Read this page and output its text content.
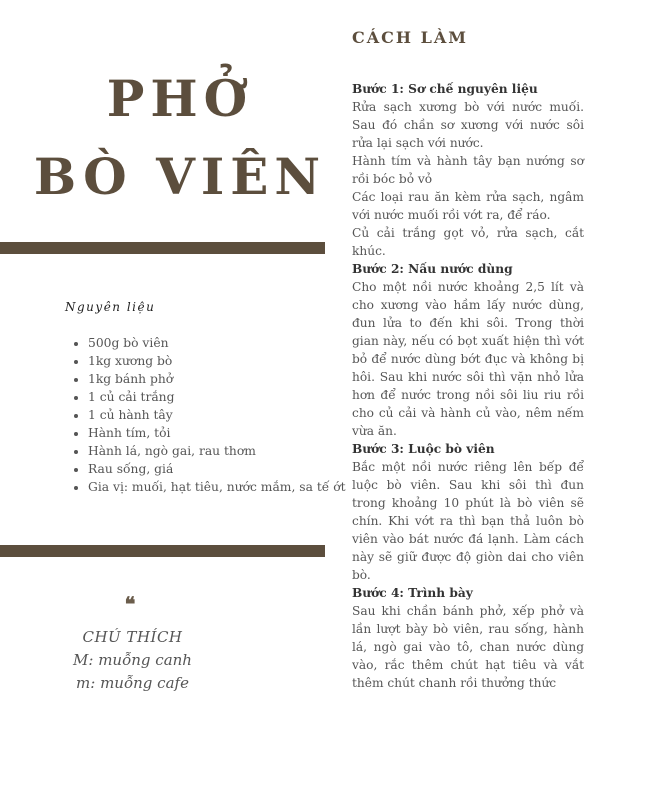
PHỞ
BÒ VIÊN
Nguyên liệu
• 500g bò viên
• 1kg xương bò
• 1kg bánh phở
• 1 củ cải trắng
• 1 củ hành tây
• Hành tím, tỏi
• Hành lá, ngò gai, rau thơm
• Rau sống, giá
• Gia vị: muối, hạt tiêu, nước mắm, sa tế ớt
❝
CHÚ THÍCH
M: muỗng canh
m: muỗng cafe
CÁCH LÀM
Bước 1: Sơ chế nguyên liệu

Rửa sạch xương bò với nước muối. Sau đó chần sơ xương với nước sôi rửa lại sạch với nước.

Hành tím và hành tây bạn nướng sơ rồi bóc bỏ vỏ

Các loại rau ăn kèm rửa sạch, ngâm với nước muối rồi vớt ra, để ráo.

Củ cải trắng gọt vỏ, rửa sạch, cắt khúc.

Bước 2: Nấu nước dùng

Cho một nồi nước khoảng 2,5 lít và cho xương vào hầm lấy nước dùng, đun lửa to đến khi sôi. Trong thời gian này, nếu có bọt xuất hiện thì vớt bỏ để nước dùng bớt đục và không bị hôi. Sau khi nước sôi thì vặn nhỏ lửa hơn để nước trong nồi sôi liu riu rồi cho củ cải và hành củ vào, nêm nếm vừa ăn.

Bước 3: Luộc bò viên

Bắc một nồi nước riêng lên bếp để luộc bò viên. Sau khi sôi thì đun trong khoảng 10 phút là bò viên sẽ chín. Khi vớt ra thì bạn thả luôn bò viên vào bát nước đá lạnh. Làm cách này sẽ giữ được độ giòn dai cho viên bò.

Bước 4: Trình bày

Sau khi chần bánh phở, xếp phở và lần lượt bày bò viên, rau sống, hành lá, ngò gai vào tô, chan nước dùng vào, rắc thêm chút hạt tiêu và vắt thêm chút chanh rồi thưởng thức
